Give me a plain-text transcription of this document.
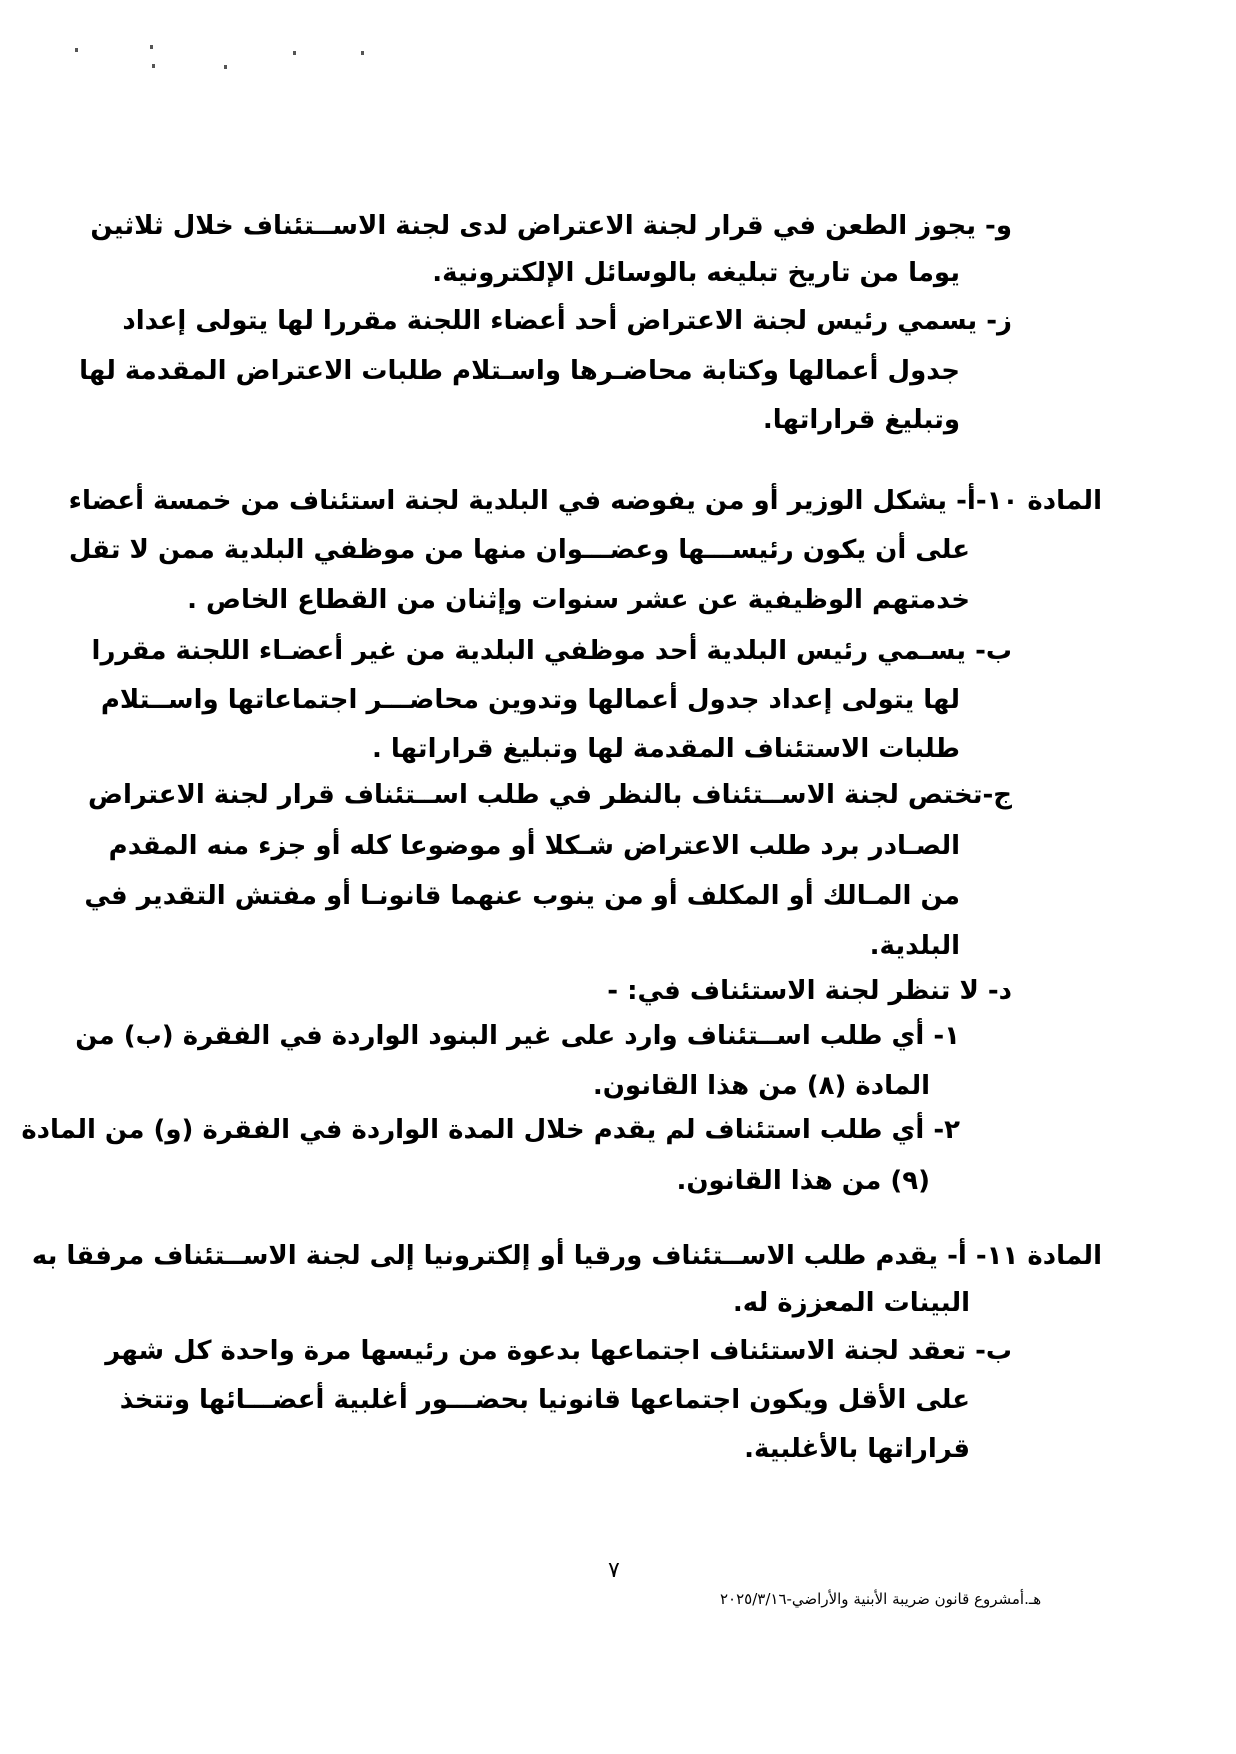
و- يجوز الطعن في قرار لجنة الاعتراض لدى لجنة الاســتئناف خلال ثلاثين
يوما من تاريخ تبليغه بالوسائل الإلكترونية.
ز- يسمي رئيس لجنة الاعتراض أحد أعضاء اللجنة مقررا لها يتولى إعداد
جدول أعمالها وكتابة محاضـرها واسـتلام طلبات الاعتراض المقدمة لها
وتبليغ قراراتها.
المادة ١٠-أ- يشكل الوزير أو من يفوضه في البلدية لجنة استئناف من خمسة أعضاء
على أن يكون رئيســـها وعضـــوان منها من موظفي البلدية ممن لا تقل
خدمتهم الوظيفية عن عشر سنوات وإثنان من القطاع الخاص .
ب- يسـمي رئيس البلدية أحد موظفي البلدية من غير أعضـاء اللجنة مقررا
لها يتولى إعداد جدول أعمالها وتدوين محاضـــر اجتماعاتها واســتلام
طلبات الاستئناف المقدمة لها وتبليغ قراراتها .
ج-تختص لجنة الاســتئناف بالنظر في طلب اســتئناف قرار لجنة الاعتراض
الصـادر برد طلب الاعتراض شـكلا أو موضوعا كله أو جزء منه المقدم
من المـالك أو المكلف أو من ينوب عنهما قانونـا أو مفتش التقدير في
البلدية.
د- لا تنظر لجنة الاستئناف في: -
١- أي طلب اســتئناف وارد على غير البنود الواردة في الفقرة (ب) من
المادة (٨) من هذا القانون.
٢- أي طلب استئناف لم يقدم خلال المدة الواردة في الفقرة (و) من المادة
(٩) من هذا القانون.
المادة ١١- أ- يقدم طلب الاســتئناف ورقيا أو إلكترونيا إلى لجنة الاســتئناف مرفقا به
البينات المعززة له.
ب- تعقد لجنة الاستئناف اجتماعها بدعوة من رئيسها مرة واحدة كل شهر
على الأقل ويكون اجتماعها قانونيا بحضـــور أغلبية أعضـــائها وتتخذ
قراراتها بالأغلبية.
٧
هـ.أمشروع قانون ضريبة الأبنية والأراضي-٢٠٢٥/٣/١٦
